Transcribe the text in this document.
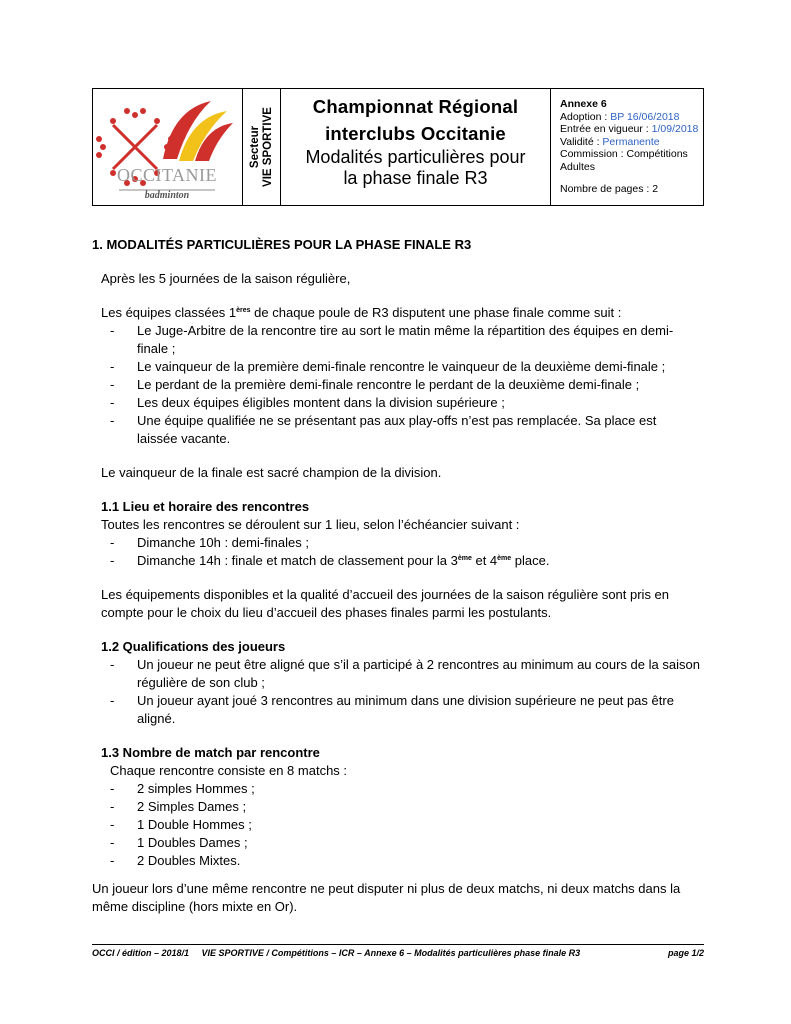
OCCITANIE
badminton
Secteur VIE SPORTIVE
Championnat Régional
interclubs Occitanie
Modalités particulières pour
la phase finale R3
Annexe 6
Adoption : BP 16/06/2018
Entrée en vigueur : 1/09/2018
Validité : Permanente
Commission : Compétitions Adultes
Nombre de pages : 2
1. MODALITÉS PARTICULIÈRES POUR LA PHASE FINALE R3
Après les 5 journées de la saison régulière,
Les équipes classées 1ères de chaque poule de R3 disputent une phase finale comme suit :
- Le Juge-Arbitre de la rencontre tire au sort le matin même la répartition des équipes en demi-
finale ;
- Le vainqueur de la première demi-finale rencontre le vainqueur de la deuxième demi-finale ;
- Le perdant de la première demi-finale rencontre le perdant de la deuxième demi-finale ;
- Les deux équipes éligibles montent dans la division supérieure ;
- Une équipe qualifiée ne se présentant pas aux play-offs n’est pas remplacée. Sa place est
laissée vacante.
Le vainqueur de la finale est sacré champion de la division.
1.1 Lieu et horaire des rencontres
Toutes les rencontres se déroulent sur 1 lieu, selon l’échéancier suivant :
- Dimanche 10h : demi-finales ;
- Dimanche 14h : finale et match de classement pour la 3ème et 4ème place.
Les équipements disponibles et la qualité d’accueil des journées de la saison régulière sont pris en
compte pour le choix du lieu d’accueil des phases finales parmi les postulants.
1.2 Qualifications des joueurs
- Un joueur ne peut être aligné que s’il a participé à 2 rencontres au minimum au cours de la saison
régulière de son club ;
- Un joueur ayant joué 3 rencontres au minimum dans une division supérieure ne peut pas être
aligné.
1.3 Nombre de match par rencontre
Chaque rencontre consiste en 8 matchs :
- 2 simples Hommes ;
- 2 Simples Dames ;
- 1 Double Hommes ;
- 1 Doubles Dames ;
- 2 Doubles Mixtes.
Un joueur lors d’une même rencontre ne peut disputer ni plus de deux matchs, ni deux matchs dans la
même discipline (hors mixte en Or).
OCCI / édition – 2018/1     VIE SPORTIVE / Compétitions – ICR – Annexe 6 – Modalités particulières phase finale R3	page 1/2
